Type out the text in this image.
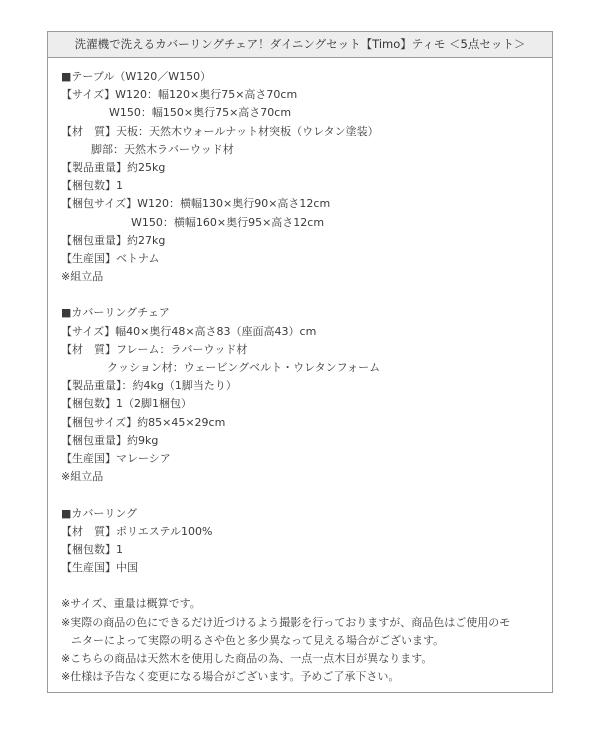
洗濯機で洗えるカバーリングチェア！ダイニングセット【Timo】ティモ ＜5点セット＞
■テーブル（W120／W150）
【サイズ】W120：幅120×奥行75×高さ70cm
W150：幅150×奥行75×高さ70cm
【材　質】天板：天然木ウォールナット材突板（ウレタン塗装）
脚部：天然木ラバーウッド材
【製品重量】約25kg
【梱包数】1
【梱包サイズ】W120：横幅130×奥行90×高さ12cm
W150：横幅160×奥行95×高さ12cm
【梱包重量】約27kg
【生産国】ベトナム
※組立品
■カバーリングチェア
【サイズ】幅40×奥行48×高さ83（座面高43）cm
【材　質】フレーム：ラバーウッド材
クッション材：ウェービングベルト・ウレタンフォーム
【製品重量】：約4kg（1脚当たり）
【梱包数】1（2脚1梱包）
【梱包サイズ】約85×45×29cm
【梱包重量】約9kg
【生産国】マレーシア
※組立品
■カバーリング
【材　質】ポリエステル100%
【梱包数】1
【生産国】中国
※サイズ、重量は概算です。
※実際の商品の色にできるだけ近づけるよう撮影を行っておりますが、商品色はご使用のモ
ニターによって実際の明るさや色と多少異なって見える場合がございます。
※こちらの商品は天然木を使用した商品の為、一点一点木目が異なります。
※仕様は予告なく変更になる場合がございます。予めご了承下さい。
